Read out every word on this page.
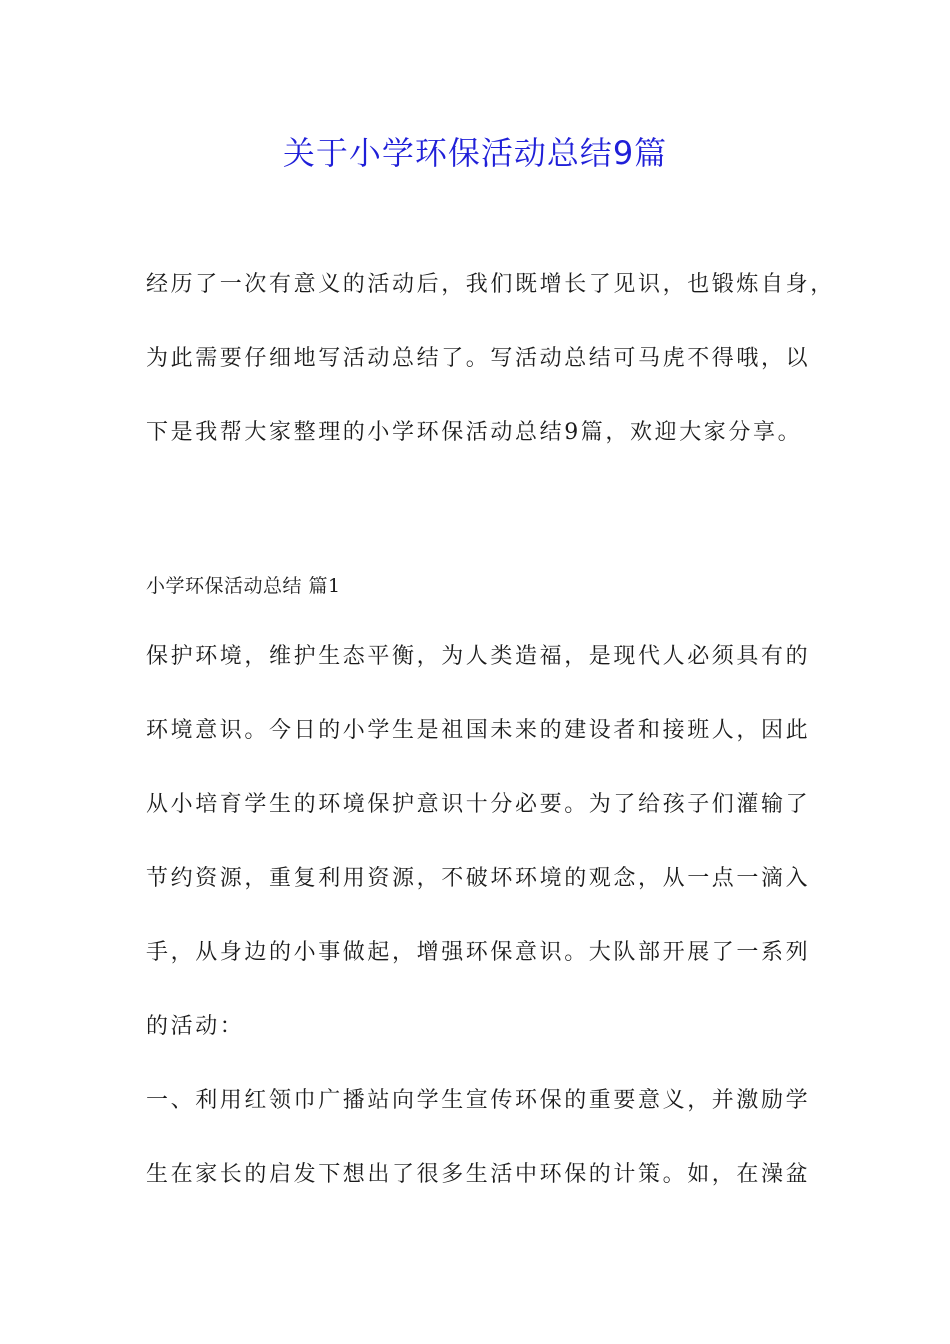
关于小学环保活动总结9篇
经历了一次有意义的活动后，我们既增长了见识，也锻炼自身，
为此需要仔细地写活动总结了。写活动总结可马虎不得哦，以
下是我帮大家整理的小学环保活动总结9篇，欢迎大家分享。
小学环保活动总结 篇1
保护环境，维护生态平衡，为人类造福，是现代人必须具有的
环境意识。今日的小学生是祖国未来的建设者和接班人，因此
从小培育学生的环境保护意识十分必要。为了给孩子们灌输了
节约资源，重复利用资源，不破坏环境的观念，从一点一滴入
手，从身边的小事做起，增强环保意识。大队部开展了一系列
的活动：
一、利用红领巾广播站向学生宣传环保的重要意义，并激励学
生在家长的启发下想出了很多生活中环保的计策。如，在澡盆
